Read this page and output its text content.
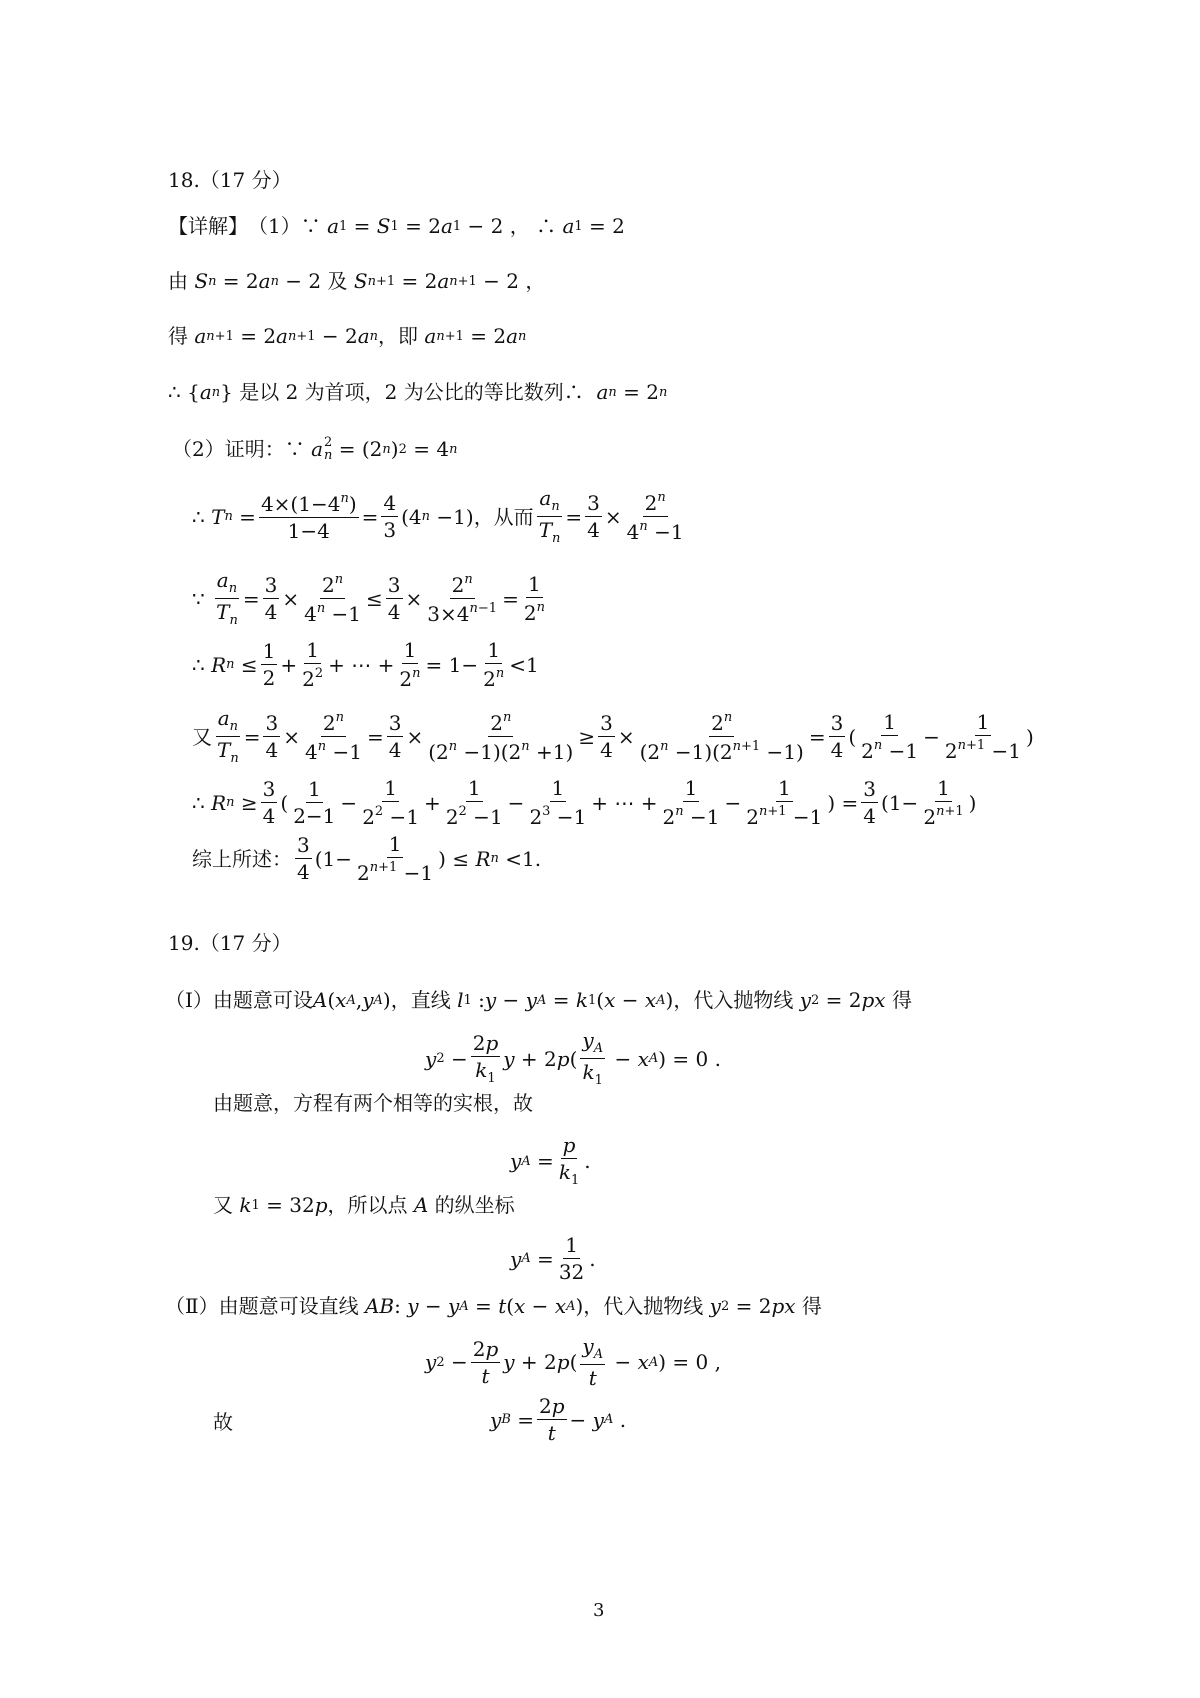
18.（17 分）
【详解】 （1）∵
a 1 = S 1 = 2 a 1 − 2 ， ∴ a 1 = 2
由
S n = 2 a n − 2 及
S n+1 = 2 a n+1 − 2 ，
得
a n+1 = 2 a n+1 − 2 a n ，即
a n+1 = 2 a n
∴ { a n } 是以 2 为首项，2 为公比的等比数列∴
a n = 2 n
（2）证明：∵
a 2
n = (2 n ) 2 = 4 n
∴ T $n = \frac{4\times(1-4^n)}{1-4} = \frac{4}{3} (4$ n −1) ，从而 $\frac{a_n}{T_n} = \frac{3}{4} \times \frac{2^n}{4^n -1}$
∵ $\frac{a_n}{T_n} = \frac{3}{4} \times \frac{2^n}{4^n -1} \le \frac{3}{4} \times \frac{2^n}{3\times 4^{n-1}} = \frac{1}{2^n}$
∴ R $n \le \frac{1}{2} + \frac{1}{2^2}$ + ⋯ + $\frac{1}{2^n} = 1- \frac{1}{2^n} <1$
又 $\frac{a_n}{T_n} = \frac{3}{4} \times \frac{2^n}{4^n -1} = \frac{3}{4} \times \frac{2^n}{(2^n -1)(2^n +1)} \ge \frac{3}{4} \times \frac{2^n}{(2^n -1)(2^{n+1} -1)} = \frac{3}{4}$ ( $\frac{1}{2^n -1} - \frac{1}{2^{n+1} -1}$ )
∴ R $n \ge \frac{3}{4}$ ( $\frac{1}{2-1} - \frac{1}{2^2 -1} + \frac{1}{2^2 -1} - \frac{1}{2^3 -1}$ + ⋯ + $\frac{1}{2^n -1} - \frac{1}{2^{n+1} -1}$ ) = $\frac{3}{4} (1- \frac{1}{2^{n+1}}$ )
综上所述： $\frac{3}{4} (1- \frac{1}{2^{n+1} -1}$ ) ≤ R n <1.
19.（17 分）
（Ⅰ）由题意可设 A ( x A , y A ) ，直线
l 1 : y − y A = k 1 ( x − x A ) ，代入抛物线
y 2 = 2 px
得
y $2 - \frac{2p}{k_1}$ y + 2 p ( $\frac{y_A}{k_1} - x$ A ) = 0 .
由题意，方程有两个相等的实根，故
y $A = \frac{p}{k_1}$ .
又
k 1 = 32 p ，所以点
A
的纵坐标
y $A = \frac{1}{32}$ .
（Ⅱ）由题意可设直线
AB : y − y A = t ( x − x A ) ，代入抛物线
y 2 = 2 px
得
y $2 - \frac{2p}{t}$ y + 2 p ( $\frac{y_A}{t} - x$ A ) = 0 ,
故	y $B = \frac{2p}{t} - y$ A .
3
